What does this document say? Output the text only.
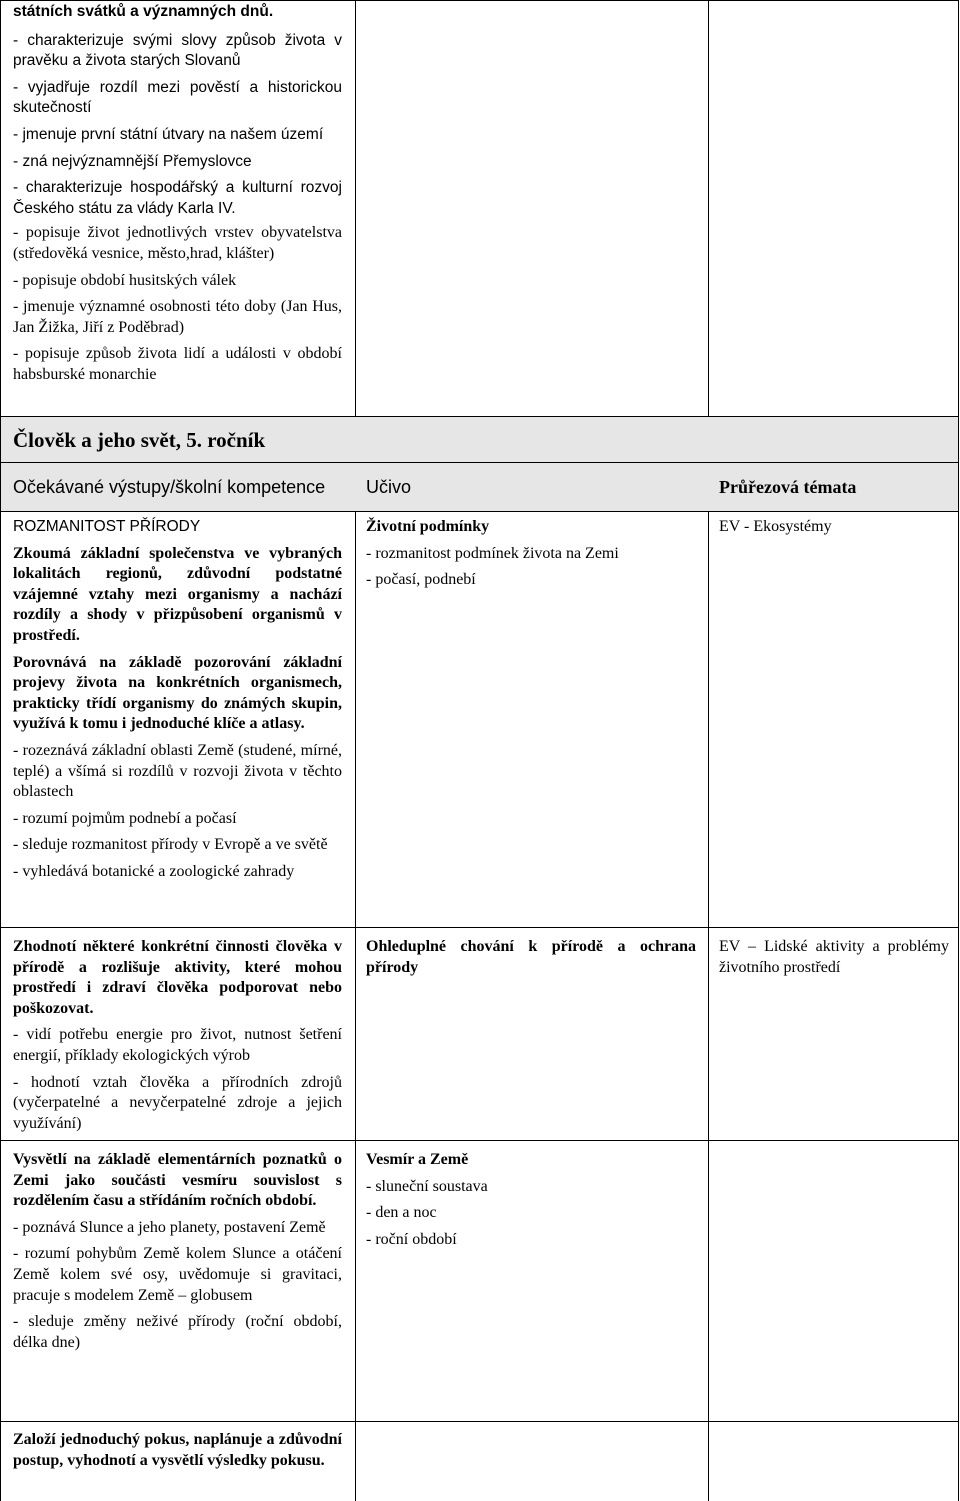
státních svátků a významných dnů.

- charakterizuje svými slovy způsob života v pravěku a života starých Slovanů

- vyjadřuje rozdíl mezi pověstí a historickou skutečností

- jmenuje první státní útvary na našem území

- zná nejvýznamnější Přemyslovce

- charakterizuje hospodářský a kulturní rozvoj Českého státu za vlády Karla IV.

- popisuje život jednotlivých vrstev obyvatelstva (středověká vesnice, město,hrad, klášter)

- popisuje období husitských válek

- jmenuje významné osobnosti této doby (Jan Hus, Jan Žižka, Jiří z Poděbrad)

- popisuje způsob života lidí a události v období habsburské monarchie

Člověk a jeho svět, 5. ročník
Očekávané výstupy/školní kompetence Učivo	Průřezová témata

ROZMANITOST PŘÍRODY

Zkoumá základní společenstva ve vybraných lokalitách regionů, zdůvodní podstatné vzájemné vztahy mezi organismy a nachází rozdíly a shody v přizpůsobení organismů v prostředí.

Porovnává na základě pozorování základní projevy života na konkrétních organismech, prakticky třídí organismy do známých skupin, využívá k tomu i jednoduché klíče a atlasy.

- rozeznává základní oblasti Země (studené, mírné, teplé) a všímá si rozdílů v rozvoji života v těchto oblastech

- rozumí pojmům podnebí a počasí

- sleduje rozmanitost přírody v Evropě a ve světě

- vyhledává botanické a zoologické zahrady

Životní podmínky

- rozmanitost podmínek života na Zemi

- počasí, podnebí

EV - Ekosystémy

Zhodnotí některé konkrétní činnosti člověka v přírodě a rozlišuje aktivity, které mohou prostředí i zdraví člověka podporovat nebo poškozovat.

- vidí potřebu energie pro život, nutnost šetření energií, příklady ekologických výrob

- hodnotí vztah člověka a přírodních zdrojů (vyčerpatelné a nevyčerpatelné zdroje a jejich využívání)

Ohleduplné chování k přírodě a ochrana přírody

EV – Lidské aktivity a problémy životního prostředí

Vysvětlí na základě elementárních poznatků o Zemi jako součásti vesmíru souvislost s rozdělením času a střídáním ročních období.

- poznává Slunce a jeho planety, postavení Země

- rozumí pohybům Země kolem Slunce a otáčení Země kolem své osy, uvědomuje si gravitaci, pracuje s modelem Země – globusem

- sleduje změny neživé přírody (roční období, délka dne)

Vesmír a Země

- sluneční soustava

- den a noc

- roční období

Založí jednoduchý pokus, naplánuje a zdůvodní postup, vyhodnotí a vysvětlí výsledky pokusu.
